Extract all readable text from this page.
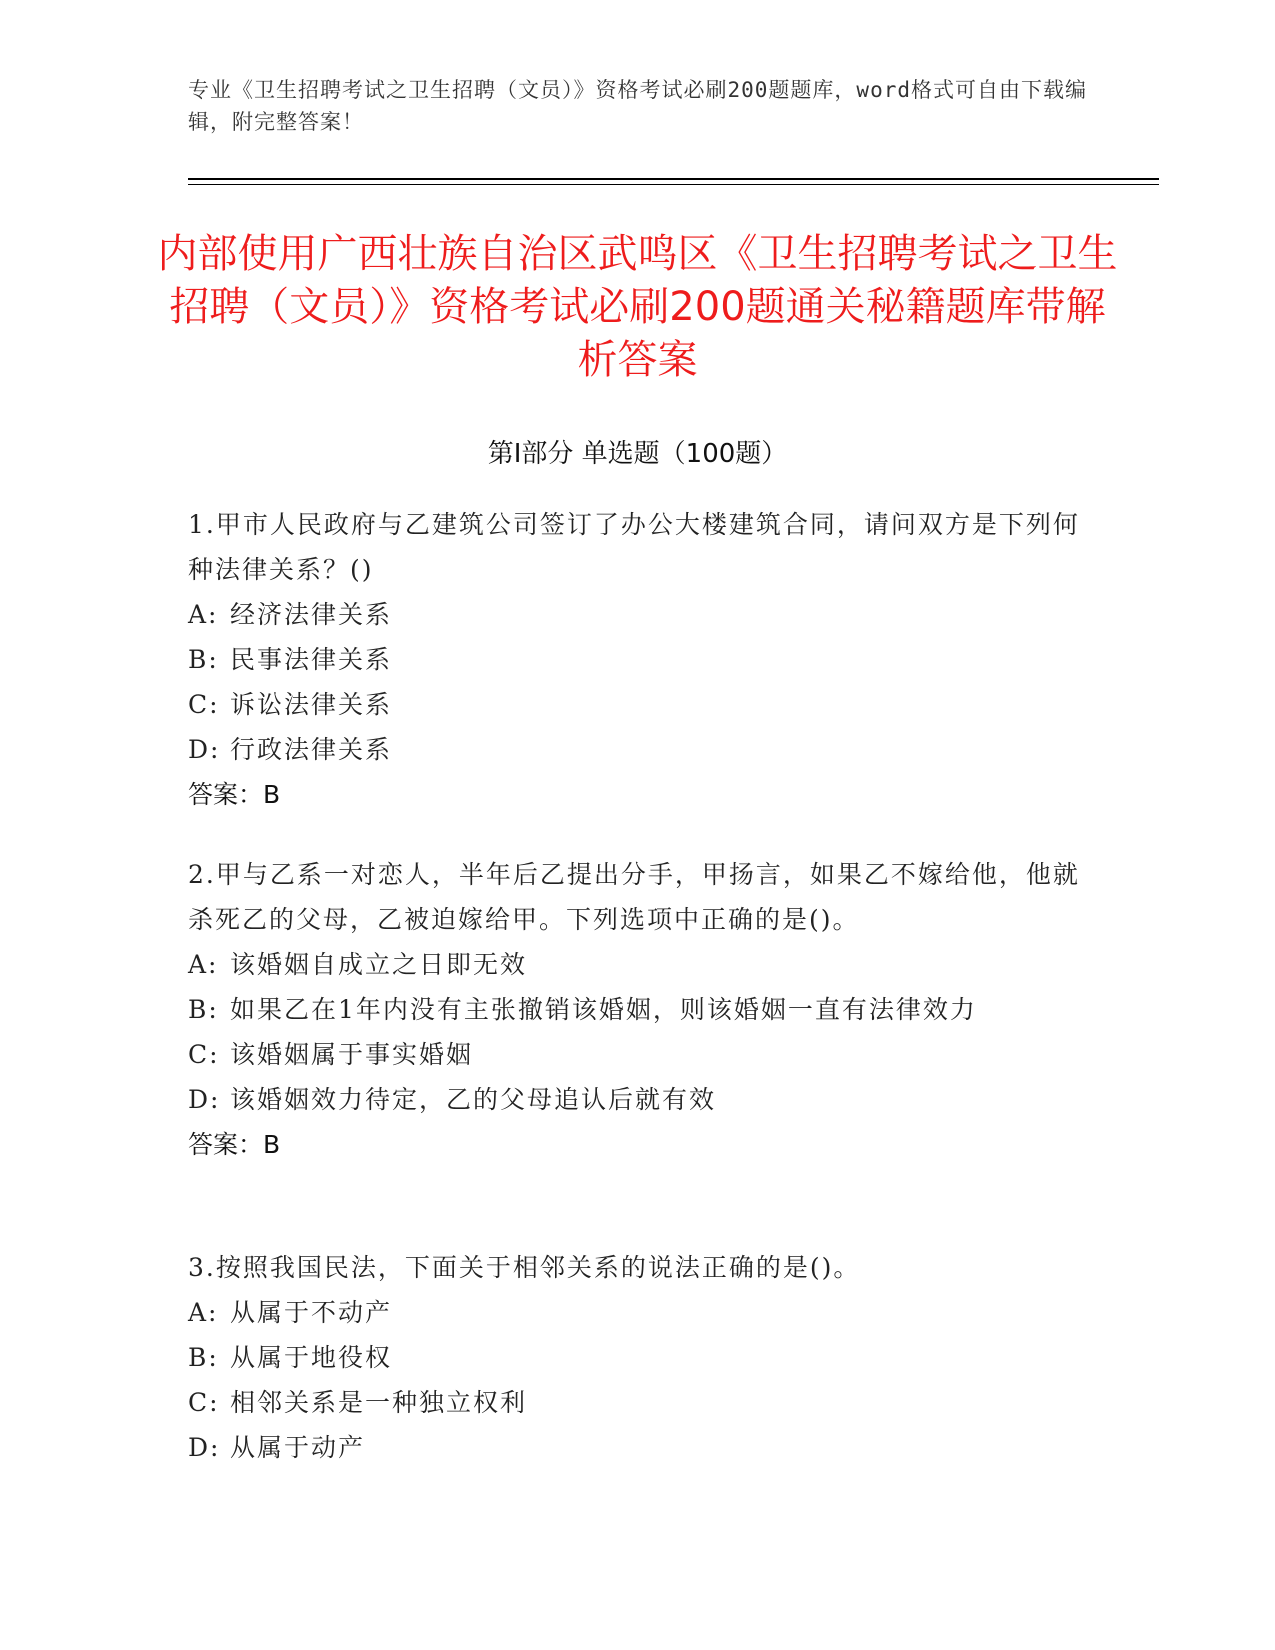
专业《卫生招聘考试之卫生招聘（文员）》资格考试必刷200题题库，word格式可自由下载编辑，附完整答案！
内部使用广西壮族自治区武鸣区《卫生招聘考试之卫生招聘（文员）》资格考试必刷200题通关秘籍题库带解析答案
第Ⅰ部分 单选题（100题）

1.甲市人民政府与乙建筑公司签订了办公大楼建筑合同，请问双方是下列何种法律关系？()

A: 经济法律关系
B: 民事法律关系
C: 诉讼法律关系
D: 行政法律关系

答案：B

2.甲与乙系一对恋人，半年后乙提出分手，甲扬言，如果乙不嫁给他，他就杀死乙的父母，乙被迫嫁给甲。下列选项中正确的是()。

A: 该婚姻自成立之日即无效
B: 如果乙在1年内没有主张撤销该婚姻，则该婚姻一直有法律效力
C: 该婚姻属于事实婚姻
D: 该婚姻效力待定，乙的父母追认后就有效

答案：B

3.按照我国民法，下面关于相邻关系的说法正确的是()。

A: 从属于不动产
B: 从属于地役权
C: 相邻关系是一种独立权利
D: 从属于动产
